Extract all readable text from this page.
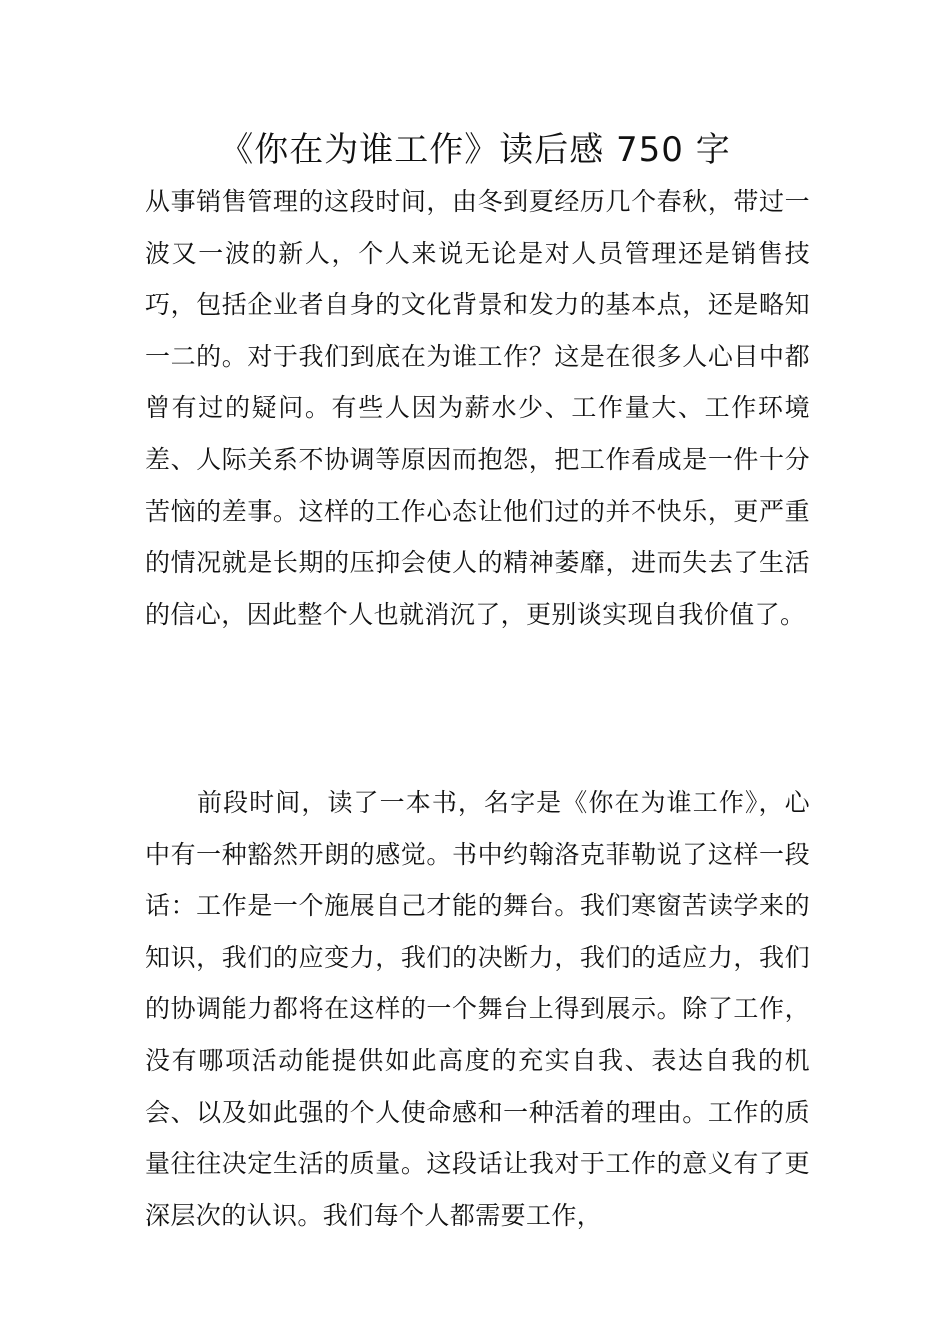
《你在为谁工作》读后感 750 字

从事销售管理的这段时间，由冬到夏经历几个春秋，带过一波又一波的新人，个人来说无论是对人员管理还是销售技巧，包括企业者自身的文化背景和发力的基本点，还是略知一二的。对于我们到底在为谁工作？这是在很多人心目中都曾有过的疑问。有些人因为薪水少、工作量大、工作环境差、人际关系不协调等原因而抱怨，把工作看成是一件十分苦恼的差事。这样的工作心态让他们过的并不快乐，更严重的情况就是长期的压抑会使人的精神萎靡，进而失去了生活的信心，因此整个人也就消沉了，更别谈实现自我价值了。

前段时间，读了一本书，名字是《你在为谁工作》，心中有一种豁然开朗的感觉。书中约翰洛克菲勒说了这样一段话：工作是一个施展自己才能的舞台。我们寒窗苦读学来的知识，我们的应变力，我们的决断力，我们的适应力，我们的协调能力都将在这样的一个舞台上得到展示。除了工作，没有哪项活动能提供如此高度的充实自我、表达自我的机会、以及如此强的个人使命感和一种活着的理由。工作的质量往往决定生活的质量。这段话让我对于工作的意义有了更深层次的认识。我们每个人都需要工作，
